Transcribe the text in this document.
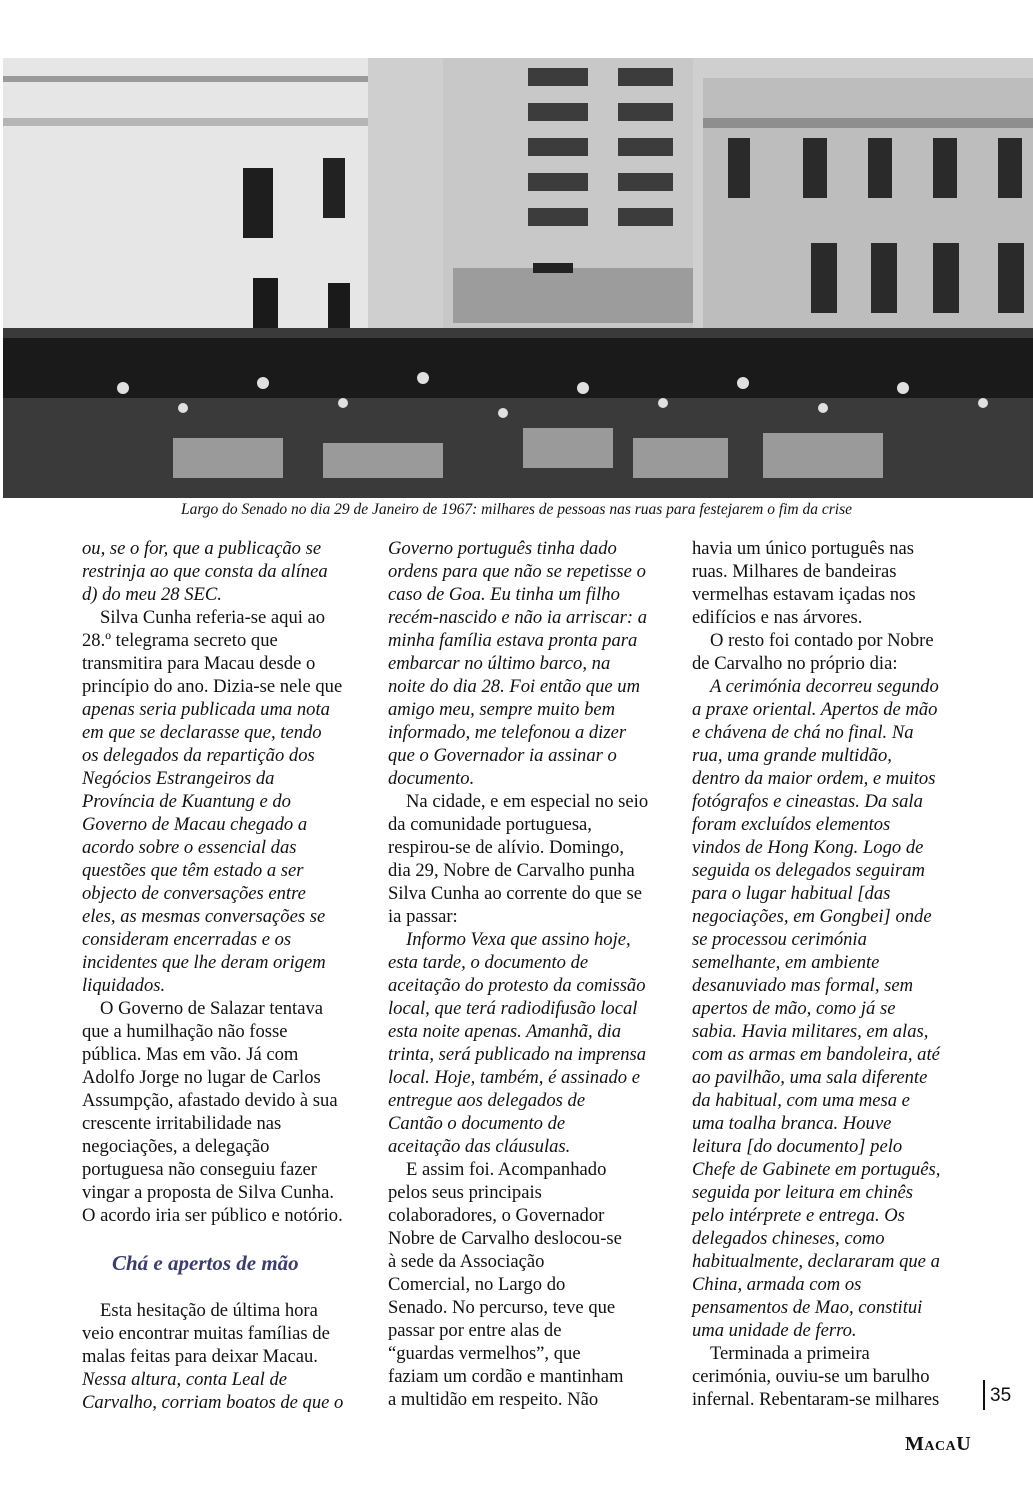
Largo do Senado no dia 29 de Janeiro de 1967: milhares de pessoas nas ruas para festejarem o fim da crise

ou, se o for, que a publicação se

restrinja ao que consta da alínea

d) do meu 28 SEC.

Silva Cunha referia-se aqui ao

28.º telegrama secreto que

transmitira para Macau desde o

princípio do ano. Dizia-se nele que

apenas seria publicada uma nota

em que se declarasse que, tendo

os delegados da repartição dos

Negócios Estrangeiros da

Província de Kuantung e do

Governo de Macau chegado a

acordo sobre o essencial das

questões que têm estado a ser

objecto de conversações entre

eles, as mesmas conversações se

consideram encerradas e os

incidentes que lhe deram origem

liquidados.

O Governo de Salazar tentava

que a humilhação não fosse

pública. Mas em vão. Já com

Adolfo Jorge no lugar de Carlos

Assumpção, afastado devido à sua

crescente irritabilidade nas

negociações, a delegação

portuguesa não conseguiu fazer

vingar a proposta de Silva Cunha.

O acordo iria ser público e notório.

Chá e apertos de mão

Esta hesitação de última hora

veio encontrar muitas famílias de

malas feitas para deixar Macau.

Nessa altura, conta Leal de

Carvalho, corriam boatos de que o

Governo português tinha dado

ordens para que não se repetisse o

caso de Goa. Eu tinha um filho

recém-nascido e não ia arriscar: a

minha família estava pronta para

embarcar no último barco, na

noite do dia 28. Foi então que um

amigo meu, sempre muito bem

informado, me telefonou a dizer

que o Governador ia assinar o

documento.

Na cidade, e em especial no seio

da comunidade portuguesa,

respirou-se de alívio. Domingo,

dia 29, Nobre de Carvalho punha

Silva Cunha ao corrente do que se

ia passar:

Informo Vexa que assino hoje,

esta tarde, o documento de

aceitação do protesto da comissão

local, que terá radiodifusão local

esta noite apenas. Amanhã, dia

trinta, será publicado na imprensa

local. Hoje, também, é assinado e

entregue aos delegados de

Cantão o documento de

aceitação das cláusulas.

E assim foi. Acompanhado

pelos seus principais

colaboradores, o Governador

Nobre de Carvalho deslocou-se

à sede da Associação

Comercial, no Largo do

Senado. No percurso, teve que

passar por entre alas de

“guardas vermelhos”, que

faziam um cordão e mantinham

a multidão em respeito. Não

havia um único português nas

ruas. Milhares de bandeiras

vermelhas estavam içadas nos

edifícios e nas árvores.

O resto foi contado por Nobre

de Carvalho no próprio dia:

A cerimónia decorreu segundo

a praxe oriental. Apertos de mão

e chávena de chá no final. Na

rua, uma grande multidão,

dentro da maior ordem, e muitos

fotógrafos e cineastas. Da sala

foram excluídos elementos

vindos de Hong Kong. Logo de

seguida os delegados seguiram

para o lugar habitual [das

negociações, em Gongbei] onde

se processou cerimónia

semelhante, em ambiente

desanuviado mas formal, sem

apertos de mão, como já se

sabia. Havia militares, em alas,

com as armas em bandoleira, até

ao pavilhão, uma sala diferente

da habitual, com uma mesa e

uma toalha branca. Houve

leitura [do documento] pelo

Chefe de Gabinete em português,

seguida por leitura em chinês

pelo intérprete e entrega. Os

delegados chineses, como

habitualmente, declararam que a

China, armada com os

pensamentos de Mao, constitui

uma unidade de ferro.

Terminada a primeira

cerimónia, ouviu-se um barulho

infernal. Rebentaram-se milhares	35
MacaU
